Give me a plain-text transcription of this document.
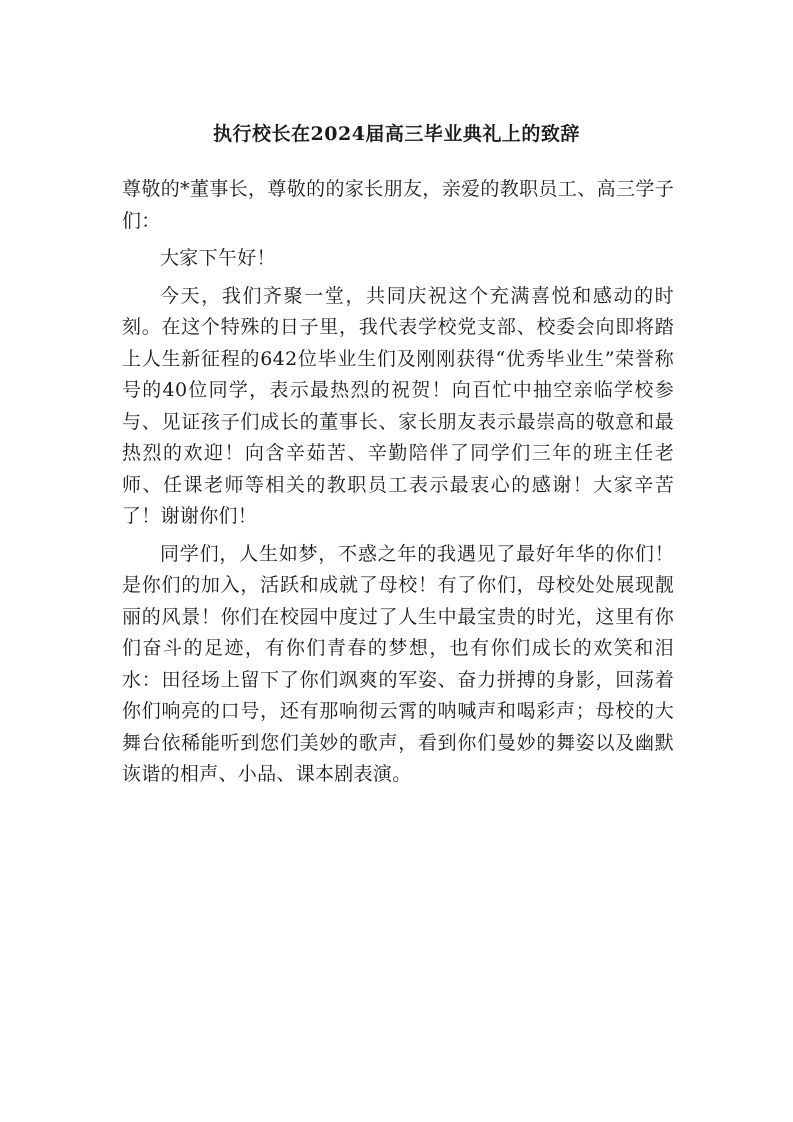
执行校长在2024届高三毕业典礼上的致辞

尊敬的*董事长，尊敬的的家长朋友，亲爱的教职员工、高三学子们：

大家下午好！

今天，我们齐聚一堂，共同庆祝这个充满喜悦和感动的时刻。在这个特殊的日子里，我代表学校党支部、校委会向即将踏上人生新征程的642位毕业生们及刚刚获得“优秀毕业生”荣誉称号的40位同学，表示最热烈的祝贺！向百忙中抽空亲临学校参与、见证孩子们成长的董事长、家长朋友表示最崇高的敬意和最热烈的欢迎！向含辛茹苦、辛勤陪伴了同学们三年的班主任老师、任课老师等相关的教职员工表示最衷心的感谢！大家辛苦了！谢谢你们！

同学们，人生如梦，不惑之年的我遇见了最好年华的你们！是你们的加入，活跃和成就了母校！有了你们，母校处处展现靓丽的风景！你们在校园中度过了人生中最宝贵的时光，这里有你们奋斗的足迹，有你们青春的梦想，也有你们成长的欢笑和泪水：田径场上留下了你们飒爽的军姿、奋力拼搏的身影，回荡着你们响亮的口号，还有那响彻云霄的呐喊声和喝彩声；母校的大舞台依稀能听到您们美妙的歌声，看到你们曼妙的舞姿以及幽默诙谐的相声、小品、课本剧表演。
